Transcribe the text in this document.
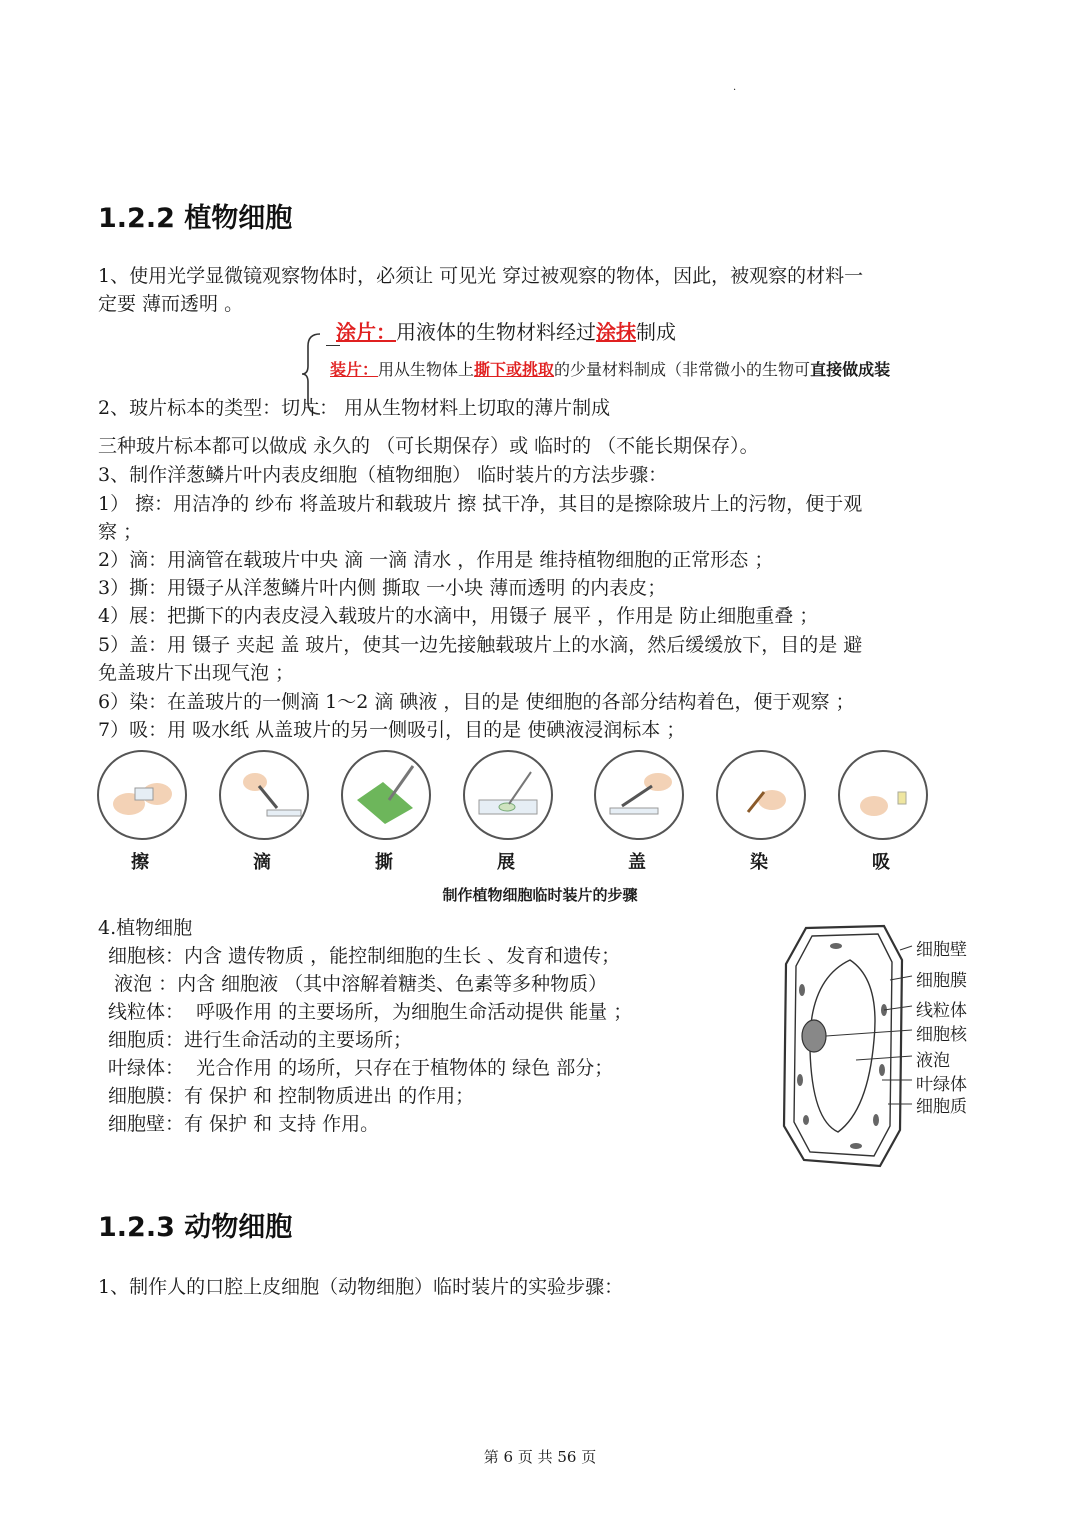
.
1.2.2 植物细胞
1、使用光学显微镜观察物体时，必须让 可见光 穿过被观察的物体，因此，被观察的材料一
定要 薄而透明 。
涂片：用液体的生物材料经过涂抹制成
装片：用从生物体上撕下或挑取的少量材料制成（非常微小的生物可直接做成装
2、玻片标本的类型：切片： 用从生物材料上切取的薄片制成
三种玻片标本都可以做成 永久的 （可长期保存）或 临时的 （不能长期保存）。
3、制作洋葱鳞片叶内表皮细胞（植物细胞） 临时装片的方法步骤：
1） 擦：用洁净的 纱布 将盖玻片和载玻片 擦 拭干净，其目的是擦除玻片上的污物，便于观
察 ；
2）滴：用滴管在载玻片中央 滴 一滴 清水 ，作用是 维持植物细胞的正常形态 ；
3）撕：用镊子从洋葱鳞片叶内侧 撕取 一小块 薄而透明 的内表皮；
4）展：把撕下的内表皮浸入载玻片的水滴中，用镊子 展平 ，作用是 防止细胞重叠 ；
5）盖：用 镊子 夹起 盖 玻片，使其一边先接触载玻片上的水滴，然后缓缓放下，目的是 避
免盖玻片下出现气泡 ；
6）染：在盖玻片的一侧滴 1～2 滴 碘液 ，目的是 使细胞的各部分结构着色，便于观察 ；
7）吸：用 吸水纸 从盖玻片的另一侧吸引，目的是 使碘液浸润标本 ；
擦	滴	撕	展	盖	染	吸
制作植物细胞临时装片的步骤
4.植物细胞
细胞核：内含 遗传物质 ，能控制细胞的生长 、发育和遗传；
液泡 ：内含 细胞液 （其中溶解着糖类、色素等多种物质）
线粒体：  呼吸作用 的主要场所，为细胞生命活动提供 能量 ；
细胞质：进行生命活动的主要场所；
叶绿体：  光合作用 的场所，只存在于植物体的 绿色 部分；
细胞膜：有 保护 和 控制物质进出 的作用；
细胞壁：有 保护 和 支持 作用。
细胞壁
细胞膜
线粒体
细胞核
液泡
叶绿体
细胞质
1.2.3 动物细胞
1、制作人的口腔上皮细胞（动物细胞）临时装片的实验步骤：
第 6 页 共 56 页
